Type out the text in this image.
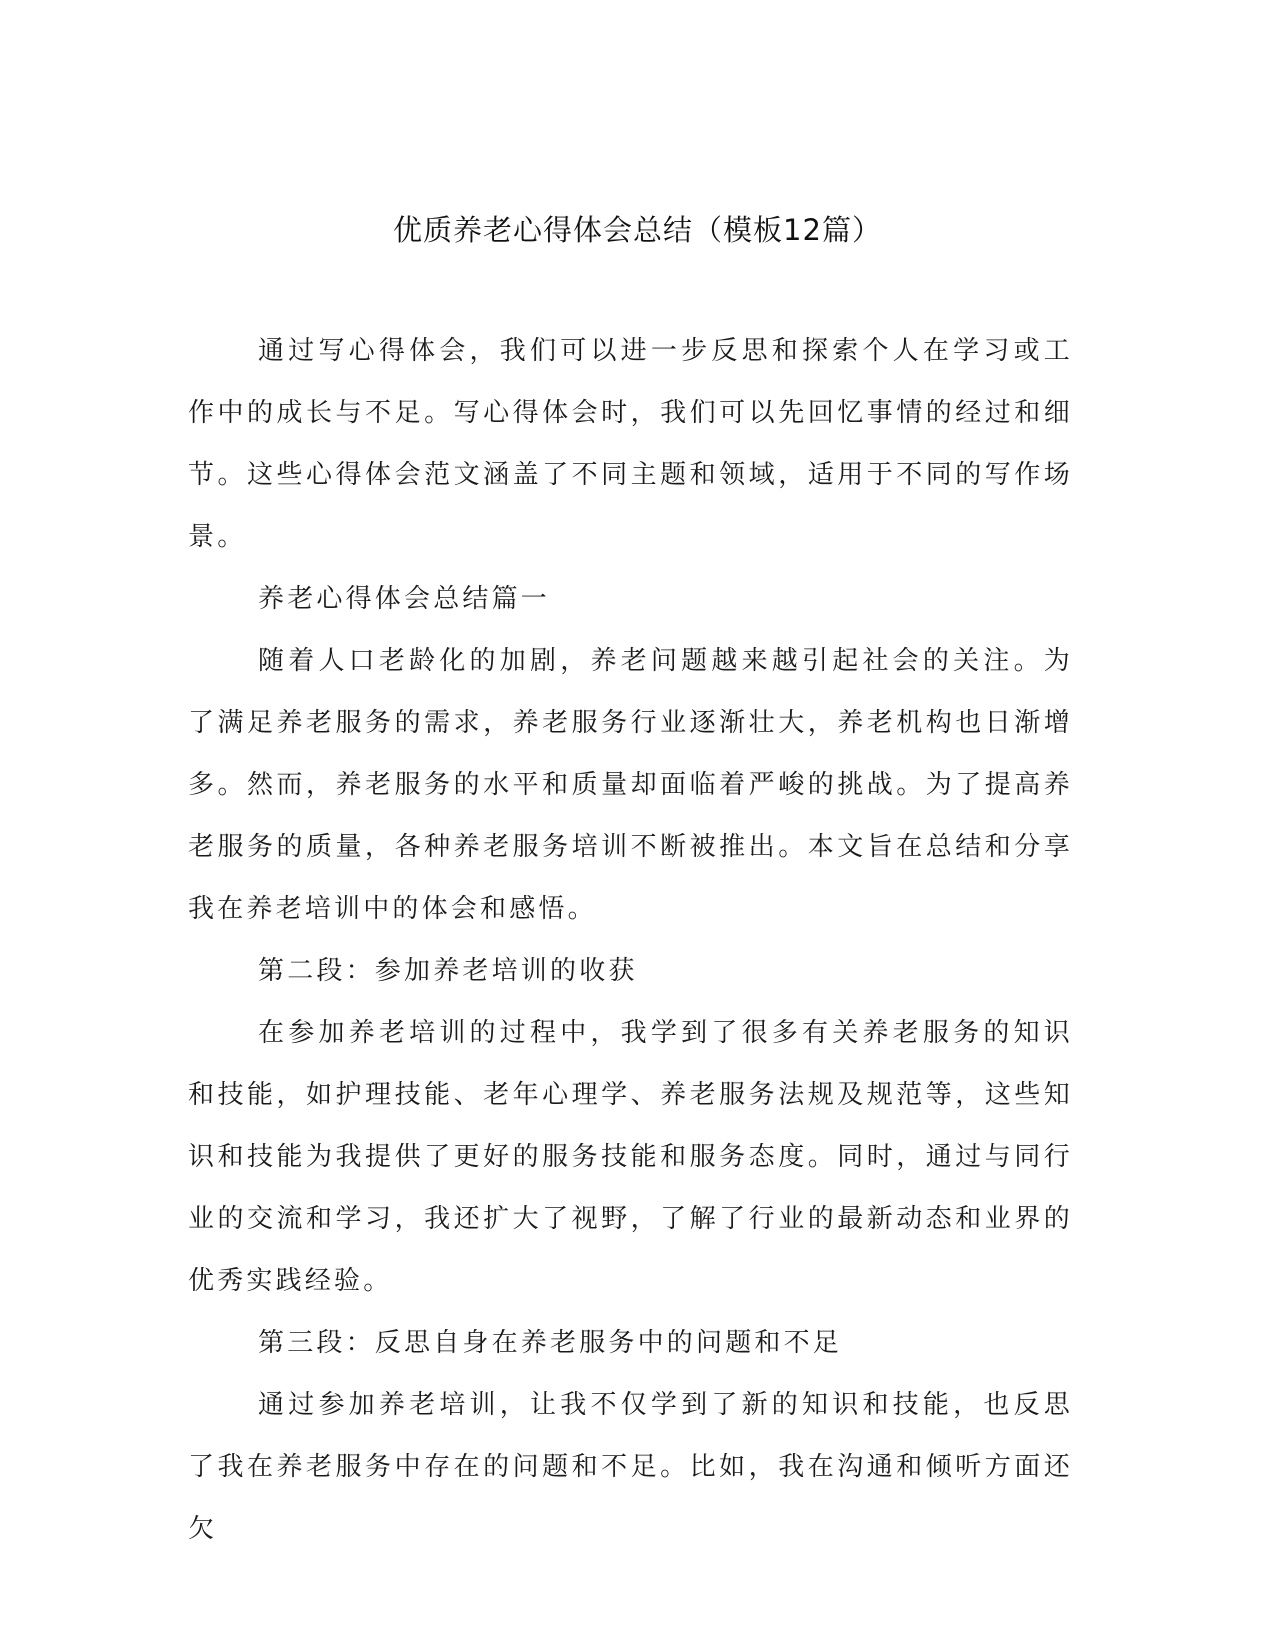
优质养老心得体会总结（模板12篇）

通过写心得体会，我们可以进一步反思和探索个人在学习或工作中的成长与不足。写心得体会时，我们可以先回忆事情的经过和细节。这些心得体会范文涵盖了不同主题和领域，适用于不同的写作场景。

养老心得体会总结篇一

随着人口老龄化的加剧，养老问题越来越引起社会的关注。为了满足养老服务的需求，养老服务行业逐渐壮大，养老机构也日渐增多。然而，养老服务的水平和质量却面临着严峻的挑战。为了提高养老服务的质量，各种养老服务培训不断被推出。本文旨在总结和分享我在养老培训中的体会和感悟。

第二段：参加养老培训的收获

在参加养老培训的过程中，我学到了很多有关养老服务的知识和技能，如护理技能、老年心理学、养老服务法规及规范等，这些知识和技能为我提供了更好的服务技能和服务态度。同时，通过与同行业的交流和学习，我还扩大了视野，了解了行业的最新动态和业界的优秀实践经验。

第三段：反思自身在养老服务中的问题和不足

通过参加养老培训，让我不仅学到了新的知识和技能，也反思了我在养老服务中存在的问题和不足。比如，我在沟通和倾听方面还欠
